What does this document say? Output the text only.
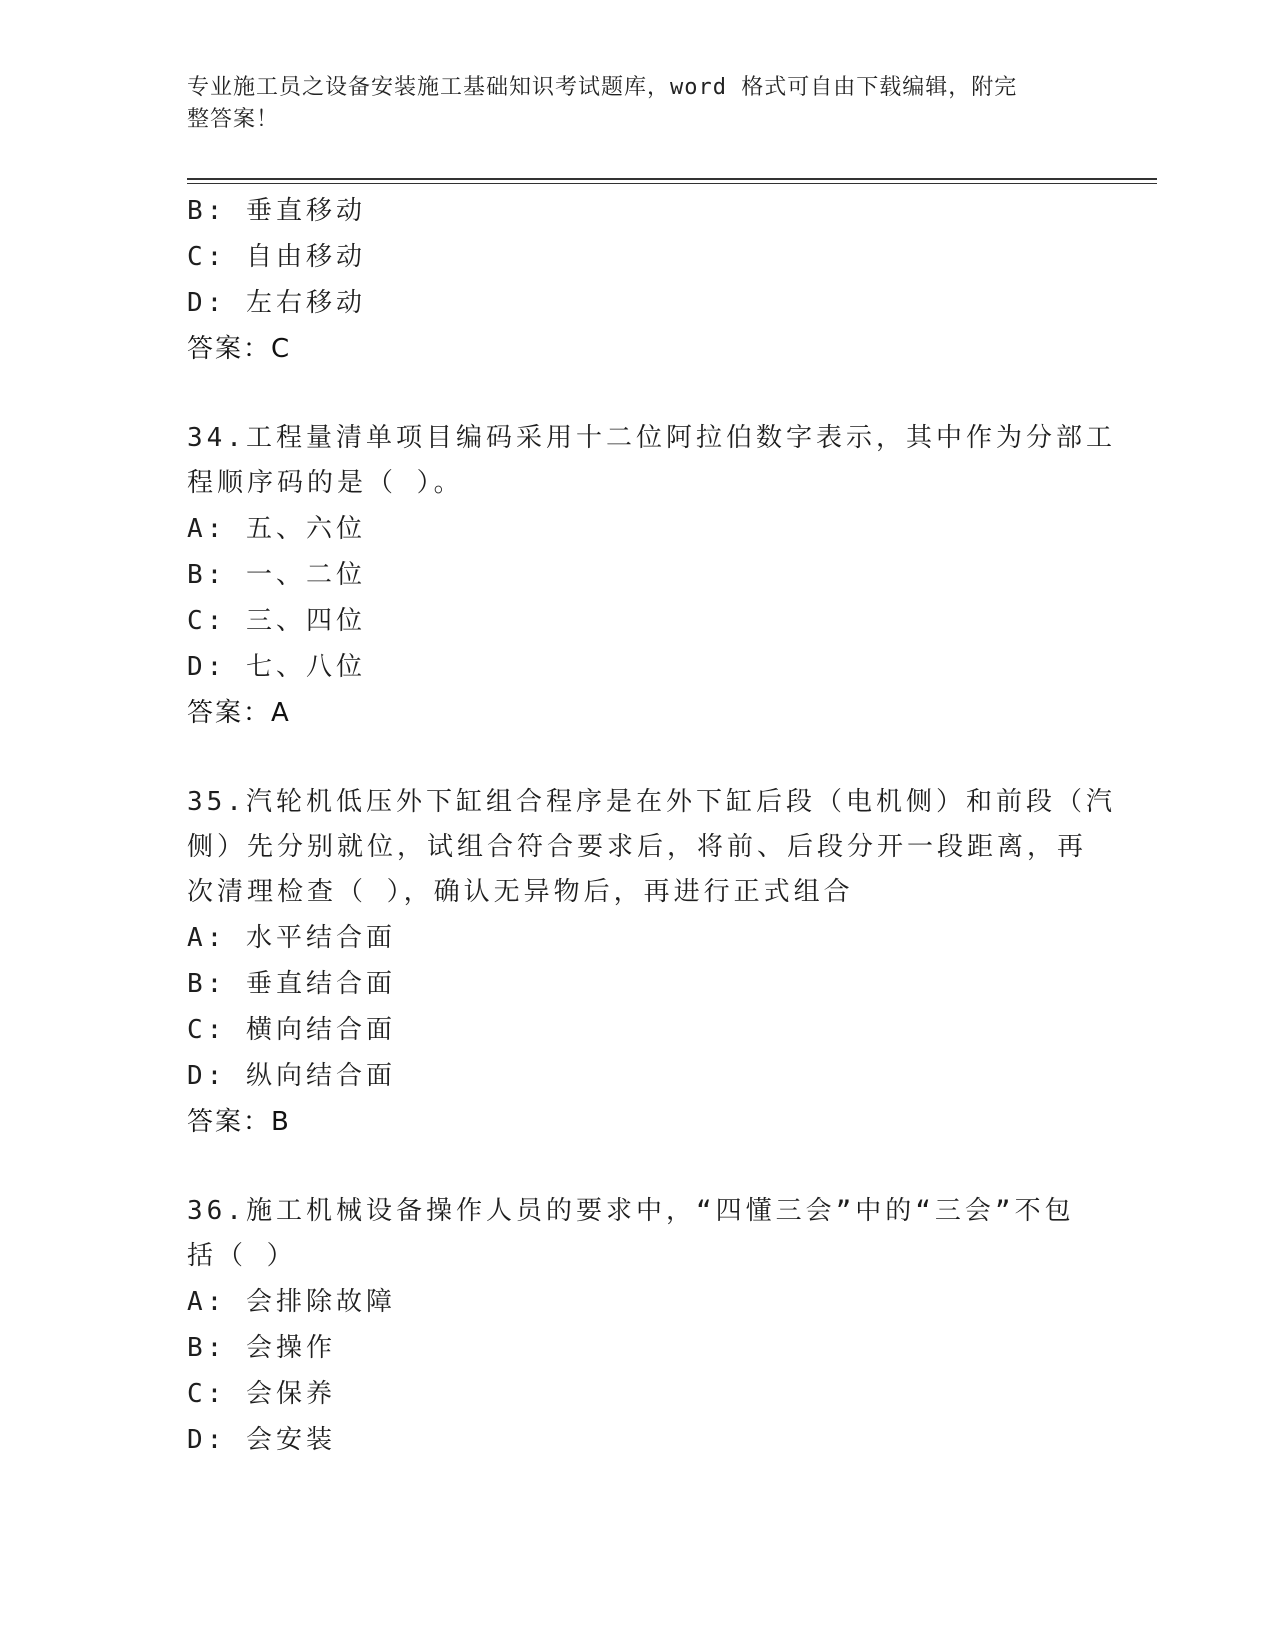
专业施工员之设备安装施工基础知识考试题库，word 格式可自由下载编辑，附完
整答案！
B: 垂直移动
C: 自由移动
D: 左右移动
答案：C
34.工程量清单项目编码采用十二位阿拉伯数字表示，其中作为分部工
程顺序码的是（ ）。
A: 五、六位
B: 一、二位
C: 三、四位
D: 七、八位
答案：A
35.汽轮机低压外下缸组合程序是在外下缸后段（电机侧）和前段（汽
侧）先分别就位，试组合符合要求后，将前、后段分开一段距离，再
次清理检查（ ），确认无异物后，再进行正式组合
A: 水平结合面
B: 垂直结合面
C: 横向结合面
D: 纵向结合面
答案：B
36.施工机械设备操作人员的要求中，“四懂三会”中的“三会”不包
括（ ）
A: 会排除故障
B: 会操作
C: 会保养
D: 会安装
